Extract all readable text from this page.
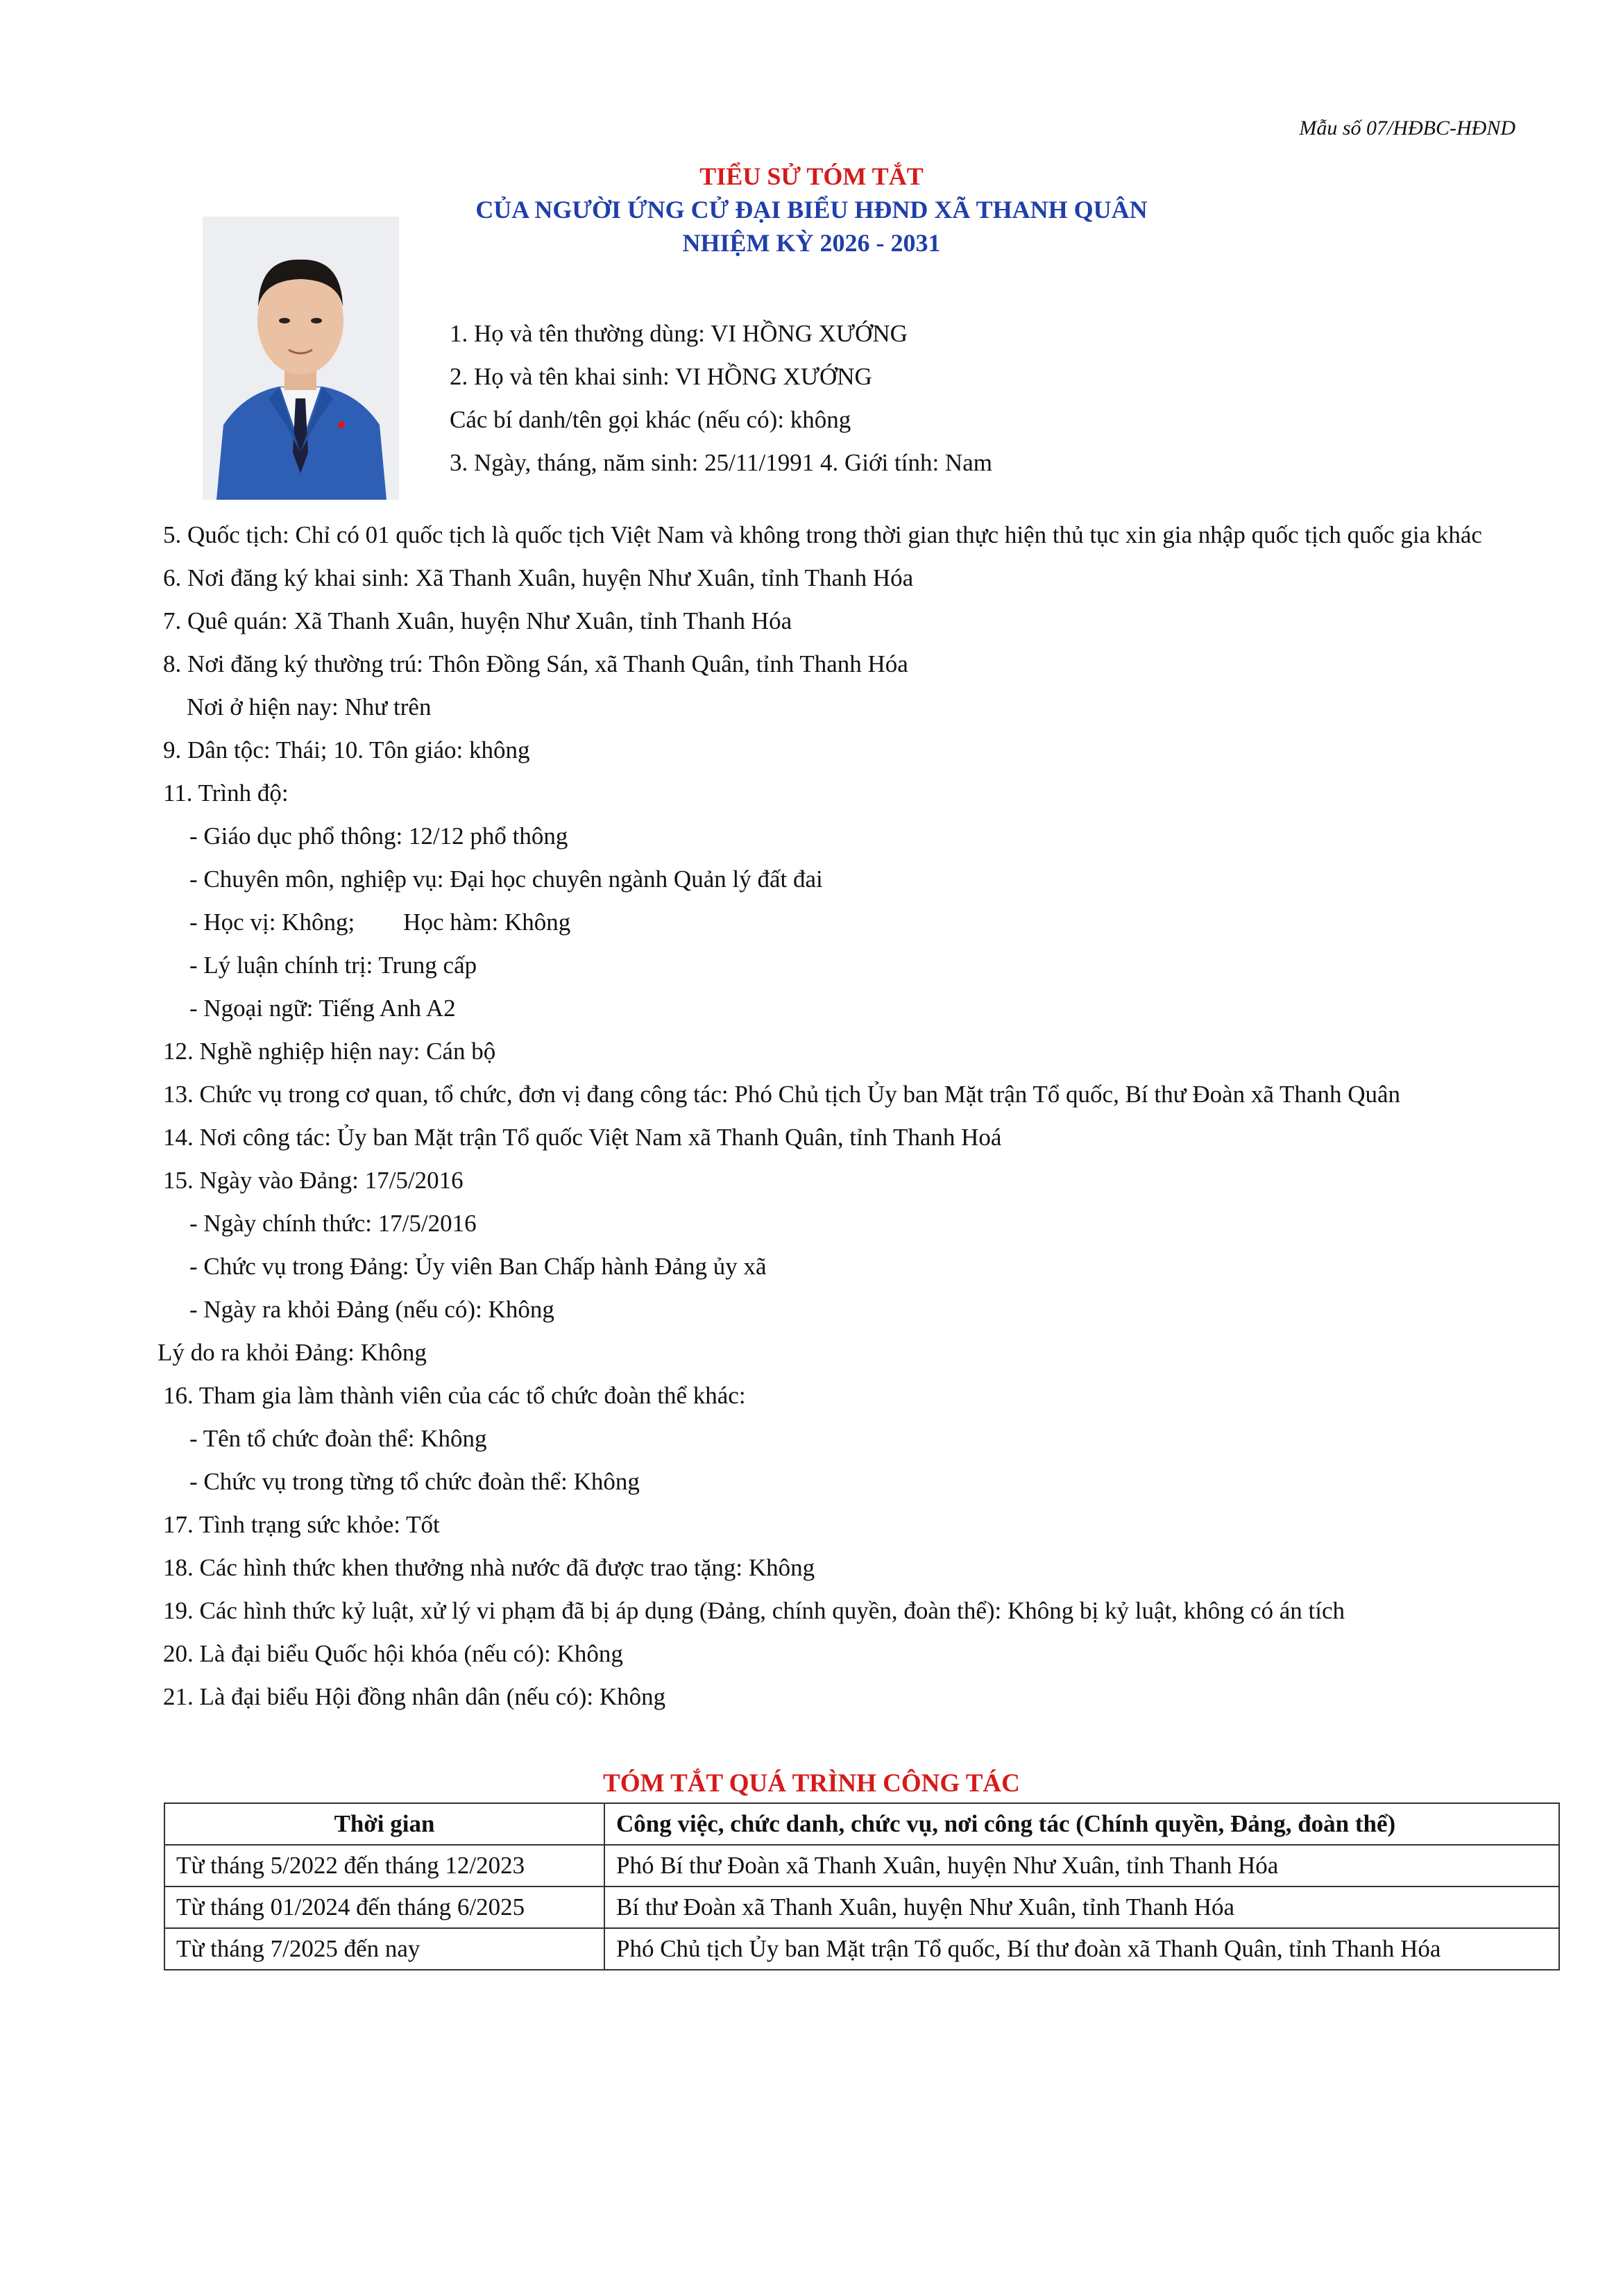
Mẫu số 07/HĐBC-HĐND
TIỂU SỬ TÓM TẮT
CỦA NGƯỜI ỨNG CỬ ĐẠI BIỂU HĐND XÃ THANH QUÂN
NHIỆM KỲ 2026 - 2031
1. Họ và tên thường dùng: VI HỒNG XƯỚNG
2. Họ và tên khai sinh: VI HỒNG XƯỚNG
Các bí danh/tên gọi khác (nếu có): không
3. Ngày, tháng, năm sinh: 25/11/1991 4. Giới tính: Nam
5. Quốc tịch: Chỉ có 01 quốc tịch là quốc tịch Việt Nam và không trong thời gian thực hiện thủ tục xin gia nhập quốc tịch quốc gia khác
6. Nơi đăng ký khai sinh: Xã Thanh Xuân, huyện Như Xuân, tỉnh Thanh Hóa
7. Quê quán: Xã Thanh Xuân, huyện Như Xuân, tỉnh Thanh Hóa
8. Nơi đăng ký thường trú: Thôn Đồng Sán, xã Thanh Quân, tỉnh Thanh Hóa
Nơi ở hiện nay: Như trên
9. Dân tộc: Thái; 10. Tôn giáo: không
11. Trình độ:
- Giáo dục phổ thông: 12/12 phổ thông
- Chuyên môn, nghiệp vụ: Đại học chuyên ngành Quản lý đất đai
- Học vị: Không; Học hàm: Không
- Lý luận chính trị: Trung cấp
- Ngoại ngữ: Tiếng Anh A2
12. Nghề nghiệp hiện nay: Cán bộ
13. Chức vụ trong cơ quan, tổ chức, đơn vị đang công tác: Phó Chủ tịch Ủy ban Mặt trận Tổ quốc, Bí thư Đoàn xã Thanh Quân
14. Nơi công tác: Ủy ban Mặt trận Tổ quốc Việt Nam xã Thanh Quân, tỉnh Thanh Hoá
15. Ngày vào Đảng: 17/5/2016
- Ngày chính thức: 17/5/2016
- Chức vụ trong Đảng: Ủy viên Ban Chấp hành Đảng ủy xã
- Ngày ra khỏi Đảng (nếu có): Không
Lý do ra khỏi Đảng: Không
16. Tham gia làm thành viên của các tổ chức đoàn thể khác:
- Tên tổ chức đoàn thể: Không
- Chức vụ trong từng tổ chức đoàn thể: Không
17. Tình trạng sức khỏe: Tốt
18. Các hình thức khen thưởng nhà nước đã được trao tặng: Không
19. Các hình thức kỷ luật, xử lý vi phạm đã bị áp dụng (Đảng, chính quyền, đoàn thể): Không bị kỷ luật, không có án tích
20. Là đại biểu Quốc hội khóa (nếu có): Không
21. Là đại biểu Hội đồng nhân dân (nếu có): Không
TÓM TẮT QUÁ TRÌNH CÔNG TÁC
Thời gian	Công việc, chức danh, chức vụ, nơi công tác (Chính quyền, Đảng, đoàn thể)
Từ tháng 5/2022 đến tháng 12/2023	Phó Bí thư Đoàn xã Thanh Xuân, huyện Như Xuân, tỉnh Thanh Hóa
Từ tháng 01/2024 đến tháng 6/2025	Bí thư Đoàn xã Thanh Xuân, huyện Như Xuân, tỉnh Thanh Hóa
Từ tháng 7/2025 đến nay	Phó Chủ tịch Ủy ban Mặt trận Tổ quốc, Bí thư đoàn xã Thanh Quân, tỉnh Thanh Hóa
